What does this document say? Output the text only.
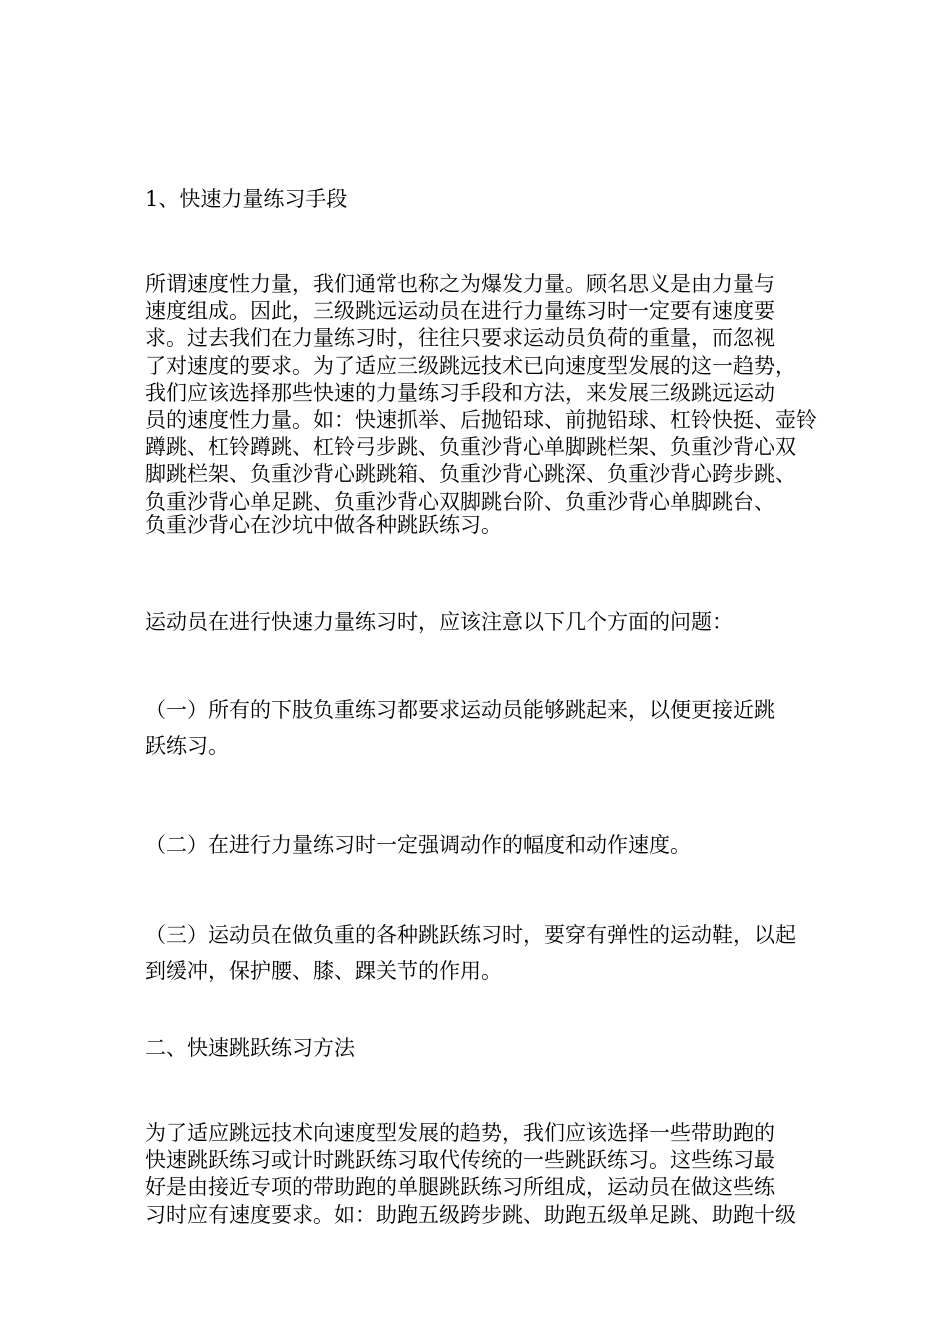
1、快速力量练习手段

所谓速度性力量，我们通常也称之为爆发力量。顾名思义是由力量与
速度组成。因此，三级跳远运动员在进行力量练习时一定要有速度要
求。过去我们在力量练习时，往往只要求运动员负荷的重量，而忽视
了对速度的要求。为了适应三级跳远技术已向速度型发展的这一趋势，
我们应该选择那些快速的力量练习手段和方法，来发展三级跳远运动
员的速度性力量。如：快速抓举、后抛铅球、前抛铅球、杠铃快挺、壶铃
蹲跳、杠铃蹲跳、杠铃弓步跳、负重沙背心单脚跳栏架、负重沙背心双
脚跳栏架、负重沙背心跳跳箱、负重沙背心跳深、负重沙背心跨步跳、
负重沙背心单足跳、负重沙背心双脚跳台阶、负重沙背心单脚跳台、

负重沙背心在沙坑中做各种跳跃练习。

运动员在进行快速力量练习时，应该注意以下几个方面的问题：

（一）所有的下肢负重练习都要求运动员能够跳起来，以便更接近跳
跃练习。

（二）在进行力量练习时一定强调动作的幅度和动作速度。

（三）运动员在做负重的各种跳跃练习时，要穿有弹性的运动鞋，以起
到缓冲，保护腰、膝、踝关节的作用。

二、快速跳跃练习方法

为了适应跳远技术向速度型发展的趋势，我们应该选择一些带助跑的
快速跳跃练习或计时跳跃练习取代传统的一些跳跃练习。这些练习最
好是由接近专项的带助跑的单腿跳跃练习所组成，运动员在做这些练
习时应有速度要求。如：助跑五级跨步跳、助跑五级单足跳、助跑十级
